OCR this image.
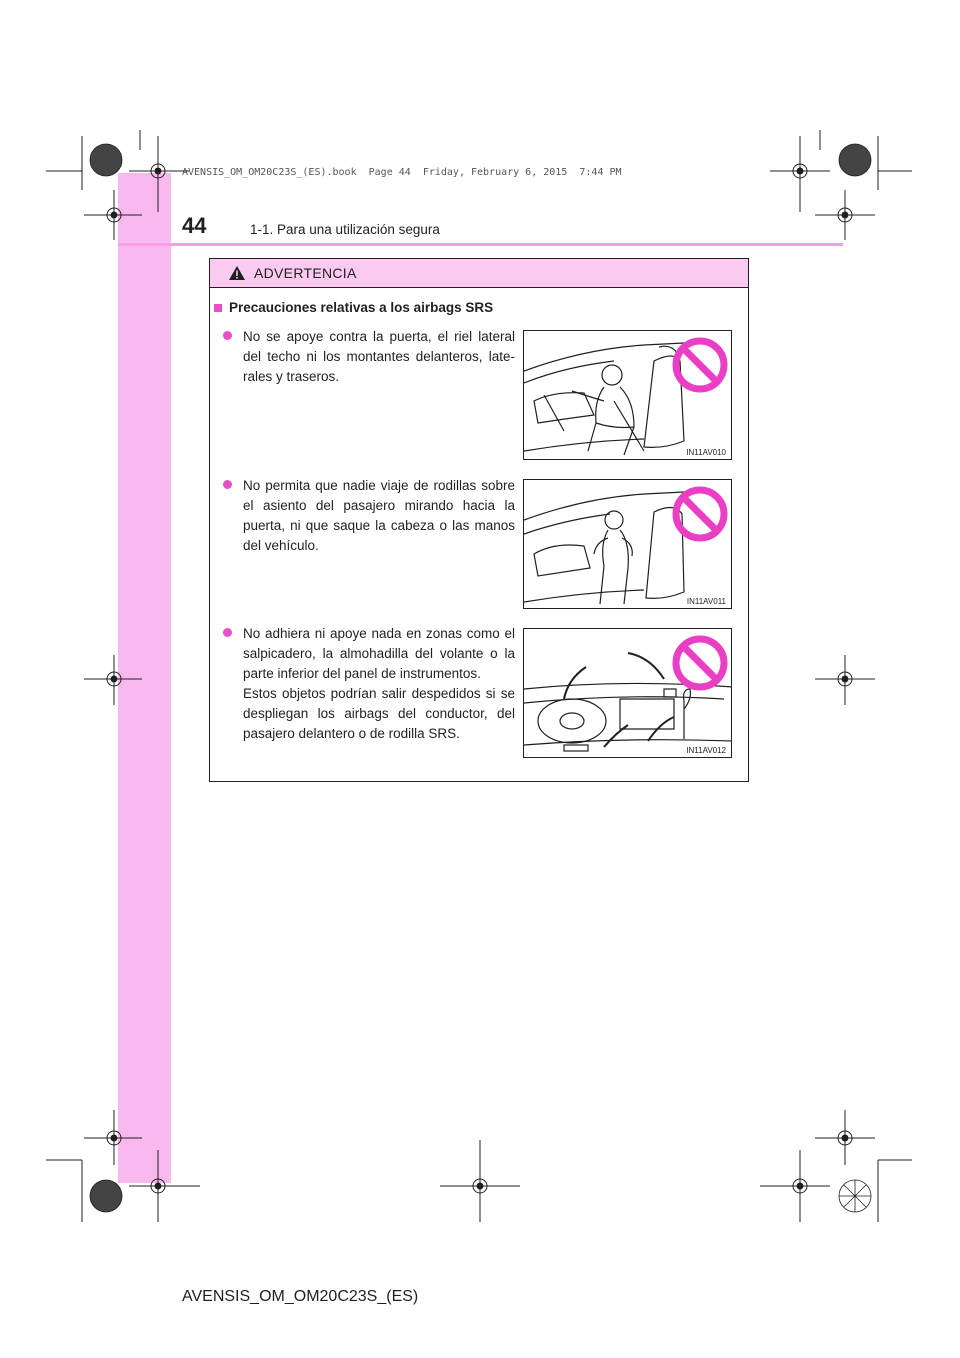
44	1-1. Para una utilización segura
AVENSIS_OM_OM20C23S_(ES).book  Page 44  Friday, February 6, 2015  7:44 PM
ADVERTENCIA
Precauciones relativas a los airbags SRS
No se apoye contra la puerta, el riel lateral del techo ni los montantes delanteros, late-rales y traseros.
IN11AV010
No permita que nadie viaje de rodillas sobre el asiento del pasajero mirando hacia la puerta, ni que saque la cabeza o las manos del vehículo.
IN11AV011
No adhiera ni apoye nada en zonas como el salpicadero, la almohadilla del volante o la parte inferior del panel de instrumentos.
Estos objetos podrían salir despedidos si se despliegan los airbags del conductor, del pasajero delantero o de rodilla SRS.
IN11AV012
AVENSIS_OM_OM20C23S_(ES)
